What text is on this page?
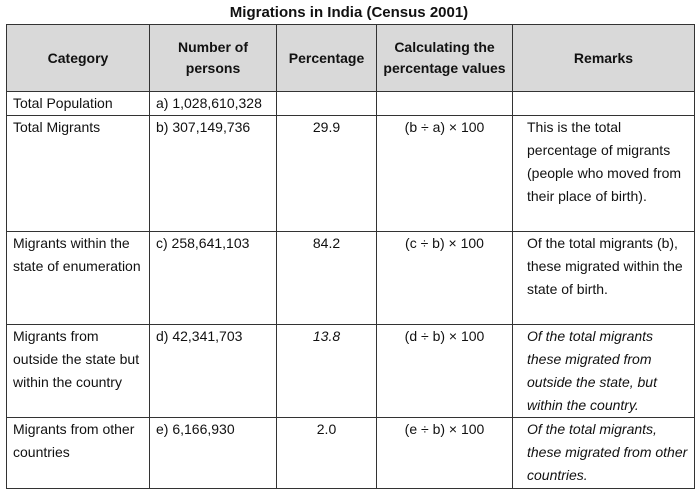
Migrations in India (Census 2001)
Category	Number of persons	Percentage	Calculating the percentage values	Remarks
Total Population	a) 1,028,610,328			
Total Migrants	b) 307,149,736	29.9	(b ÷ a) × 100	This is the total percentage of migrants (people who moved from their place of birth).
Migrants within the state of enumeration	c) 258,641,103	84.2	(c ÷ b) × 100	Of the total migrants (b), these migrated within the state of birth.
Migrants from outside the state but within the country	d) 42,341,703	13.8	(d ÷ b) × 100	Of the total migrants these migrated from outside the state, but within the country.
Migrants from other countries	e) 6,166,930	2.0	(e ÷ b) × 100	Of the total migrants, these migrated from other countries.
